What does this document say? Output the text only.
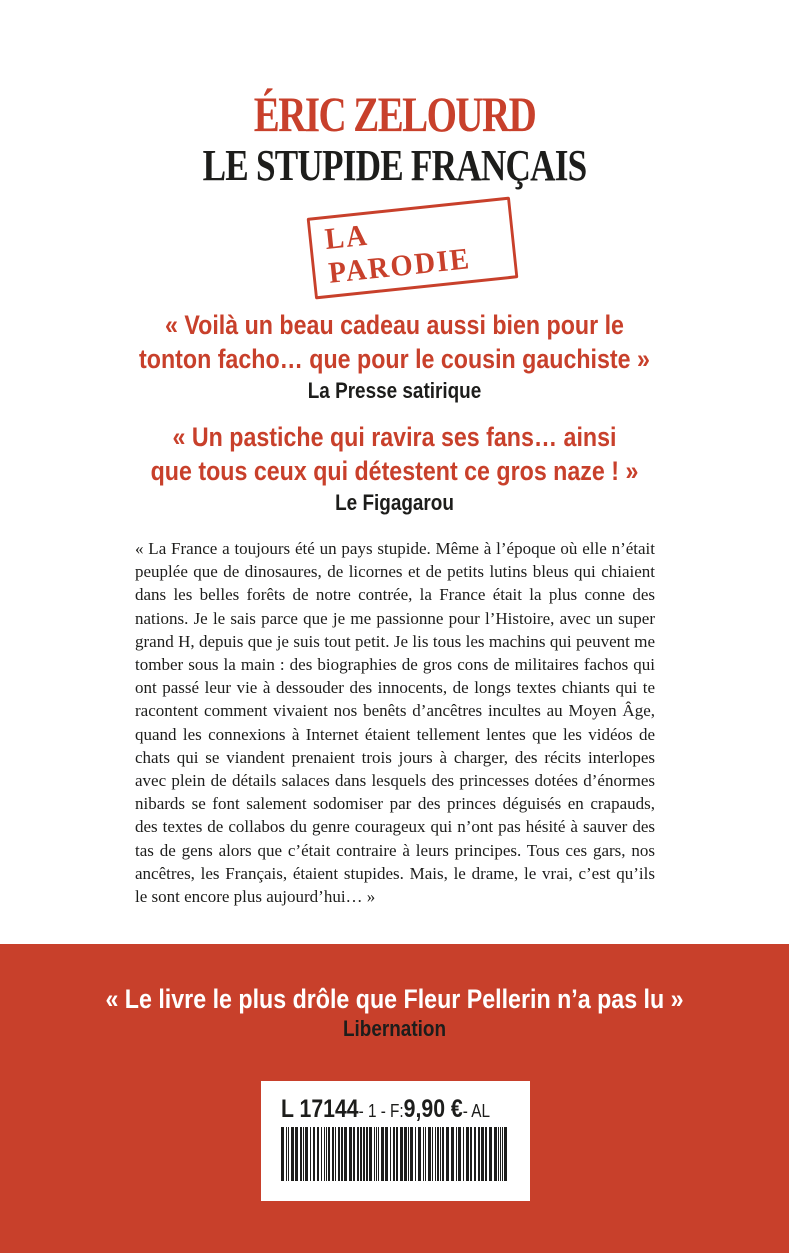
ÉRIC ZELOURD
LE STUPIDE FRANÇAIS
LA PARODIE
« Voilà un beau cadeau aussi bien pour le
tonton facho… que pour le cousin gauchiste »
La Presse satirique
« Un pastiche qui ravira ses fans… ainsi
que tous ceux qui détestent ce gros naze ! »
Le Figagarou

« La France a toujours été un pays stupide. Même à l’époque où elle n’était peuplée que de dinosaures, de licornes et de petits lutins bleus qui chiaient dans les belles forêts de notre contrée, la France était la plus conne des nations. Je le sais parce que je me passionne pour l’Histoire, avec un super grand H, depuis que je suis tout petit. Je lis tous les machins qui peuvent me tomber sous la main : des biographies de gros cons de militaires fachos qui ont passé leur vie à dessouder des innocents, de longs textes chiants qui te racontent comment vivaient nos benêts d’ancêtres incultes au Moyen Âge, quand les connexions à Internet étaient tellement lentes que les vidéos de chats qui se viandent prenaient trois jours à charger, des récits interlopes avec plein de détails salaces dans lesquels des princesses dotées d’énormes nibards se font salement sodomiser par des princes déguisés en crapauds, des textes de collabos du genre courageux qui n’ont pas hésité à sauver des tas de gens alors que c’était contraire à leurs principes. Tous ces gars, nos ancêtres, les Français, étaient stupides. Mais, le drame, le vrai, c’est qu’ils le sont encore plus aujourd’hui… »

« Le livre le plus drôle que Fleur Pellerin n’a pas lu »
Libernation
L 17144 - 1 - F: 9,90 € - AL
